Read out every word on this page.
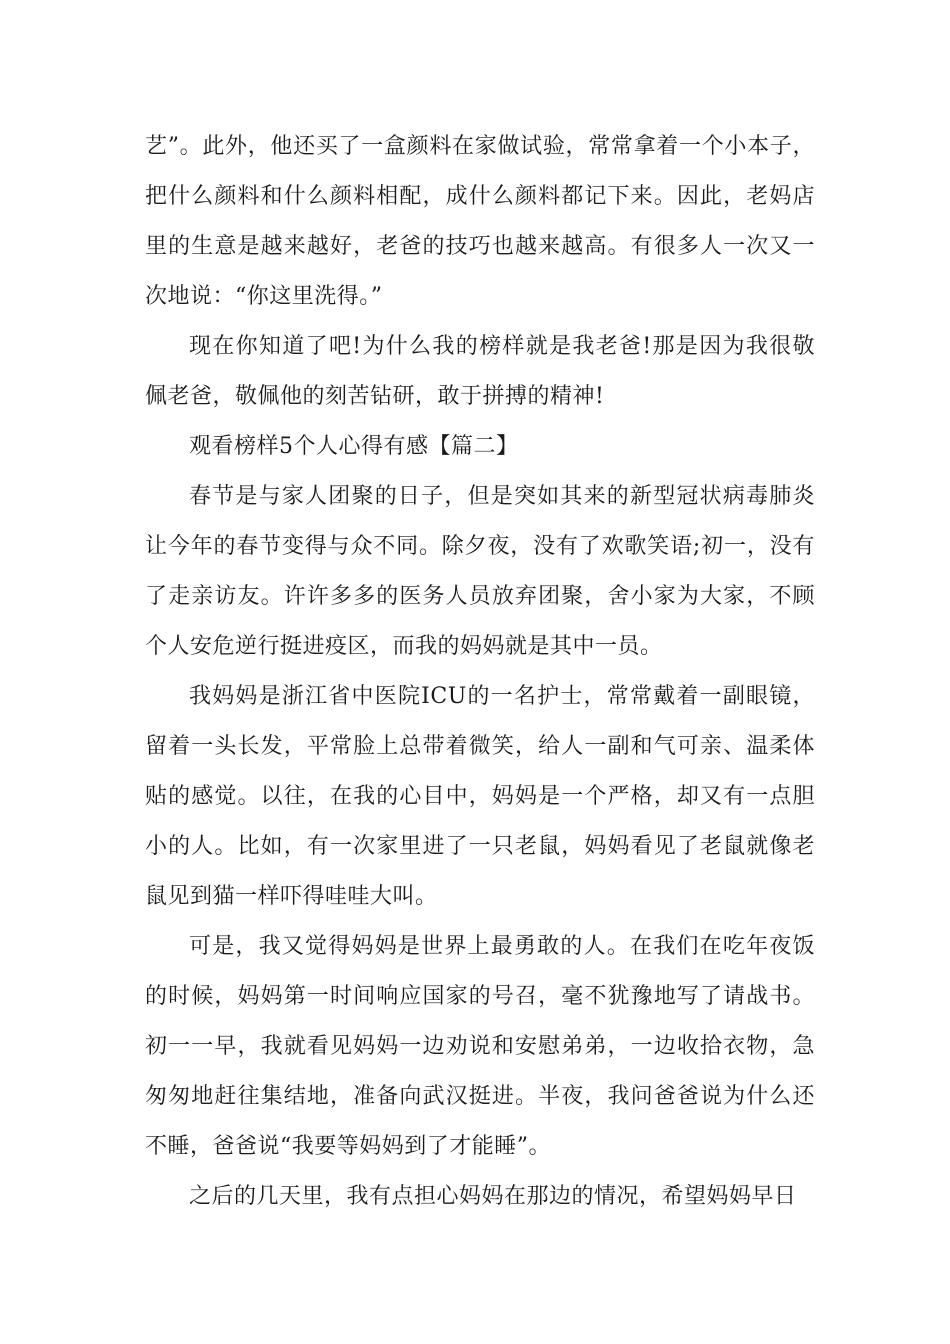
艺”。此外，他还买了一盒颜料在家做试验，常常拿着一个小本子，把什么颜料和什么颜料相配，成什么颜料都记下来。因此，老妈店里的生意是越来越好，老爸的技巧也越来越高。有很多人一次又一次地说：“你这里洗得。”

现在你知道了吧!为什么我的榜样就是我老爸!那是因为我很敬佩老爸，敬佩他的刻苦钻研，敢于拼搏的精神!

观看榜样5个人心得有感【篇二】

春节是与家人团聚的日子，但是突如其来的新型冠状病毒肺炎让今年的春节变得与众不同。除夕夜，没有了欢歌笑语;初一，没有了走亲访友。许许多多的医务人员放弃团聚，舍小家为大家，不顾个人安危逆行挺进疫区，而我的妈妈就是其中一员。

我妈妈是浙江省中医院ICU的一名护士，常常戴着一副眼镜，留着一头长发，平常脸上总带着微笑，给人一副和气可亲、温柔体贴的感觉。以往，在我的心目中，妈妈是一个严格，却又有一点胆小的人。比如，有一次家里进了一只老鼠，妈妈看见了老鼠就像老鼠见到猫一样吓得哇哇大叫。

可是，我又觉得妈妈是世界上最勇敢的人。在我们在吃年夜饭的时候，妈妈第一时间响应国家的号召，毫不犹豫地写了请战书。初一一早，我就看见妈妈一边劝说和安慰弟弟，一边收拾衣物，急匆匆地赶往集结地，准备向武汉挺进。半夜，我问爸爸说为什么还不睡，爸爸说“我要等妈妈到了才能睡”。

之后的几天里，我有点担心妈妈在那边的情况，希望妈妈早日
